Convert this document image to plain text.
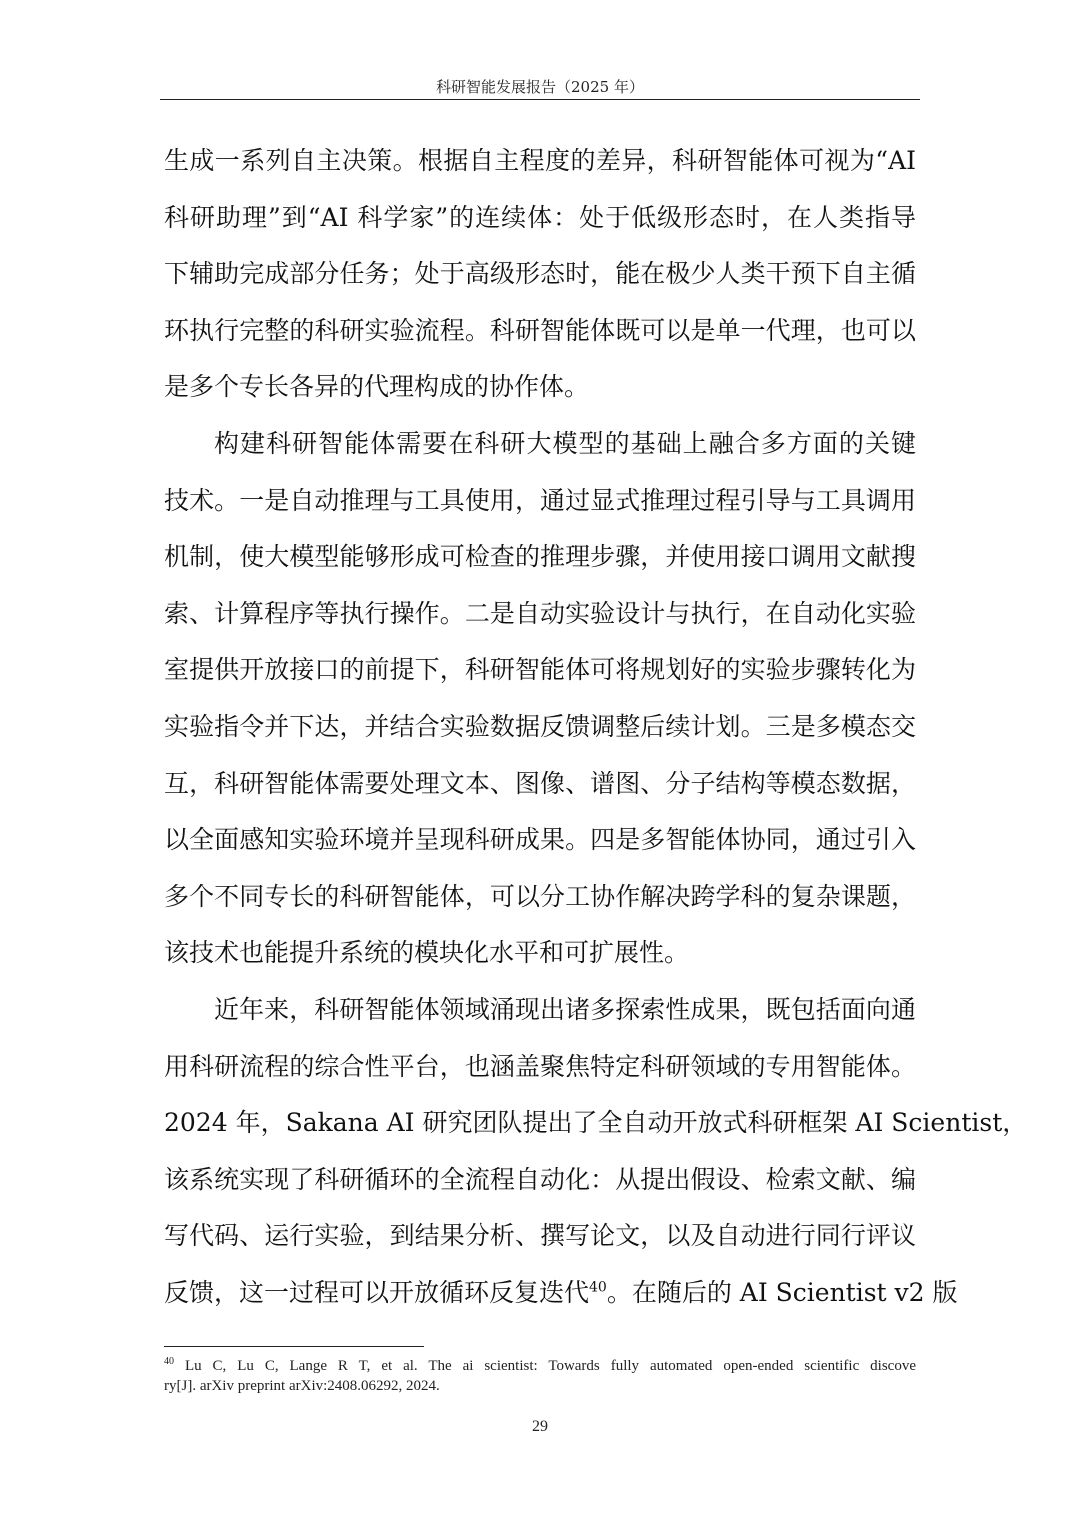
科研智能发展报告（2025 年）

生成一系列自主决策。根据自主程度的差异，科研智能体可视为“AI
科研助理”到“AI 科学家”的连续体：处于低级形态时，在人类指导
下辅助完成部分任务；处于高级形态时，能在极少人类干预下自主循
环执行完整的科研实验流程。科研智能体既可以是单一代理，也可以
是多个专长各异的代理构成的协作体。

构建科研智能体需要在科研大模型的基础上融合多方面的关键
技术。一是自动推理与工具使用，通过显式推理过程引导与工具调用
机制，使大模型能够形成可检查的推理步骤，并使用接口调用文献搜
索、计算程序等执行操作。二是自动实验设计与执行，在自动化实验
室提供开放接口的前提下，科研智能体可将规划好的实验步骤转化为
实验指令并下达，并结合实验数据反馈调整后续计划。三是多模态交
互，科研智能体需要处理文本、图像、谱图、分子结构等模态数据，
以全面感知实验环境并呈现科研成果。四是多智能体协同，通过引入
多个不同专长的科研智能体，可以分工协作解决跨学科的复杂课题，
该技术也能提升系统的模块化水平和可扩展性。

近年来，科研智能体领域涌现出诸多探索性成果，既包括面向通
用科研流程的综合性平台，也涵盖聚焦特定科研领域的专用智能体。
2024 年，Sakana AI 研究团队提出了全自动开放式科研框架 AI Scientist，
该系统实现了科研循环的全流程自动化：从提出假设、检索文献、编
写代码、运行实验，到结果分析、撰写论文，以及自动进行同行评议
反馈，这一过程可以开放循环反复迭代$^{40}$。在随后的 AI Scientist v2 版

$^{40}$ Lu C, Lu C, Lange R T, et al. The ai scientist: Towards fully automated open-ended scientific discove
ry[J]. arXiv preprint arXiv:2408.06292, 2024.
29
